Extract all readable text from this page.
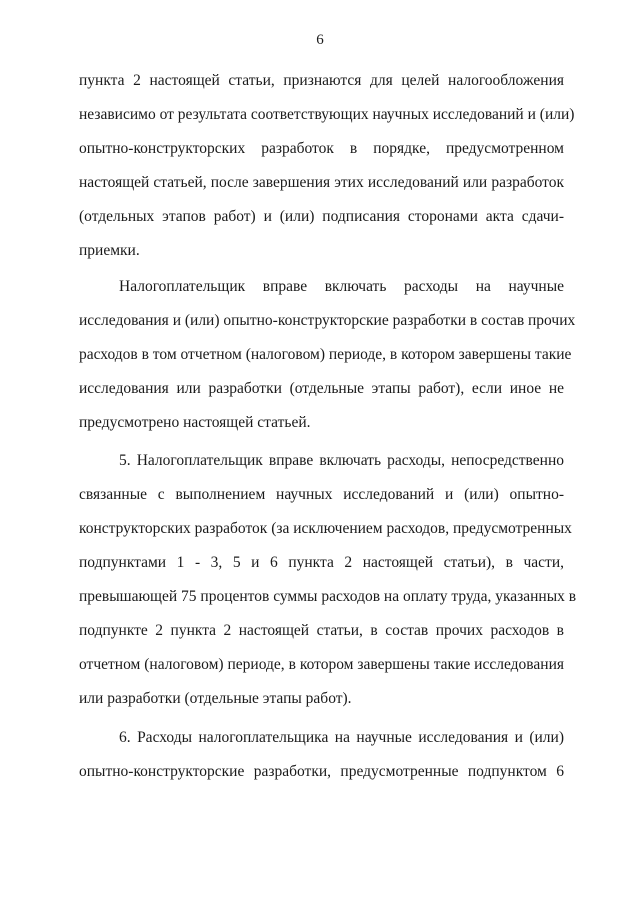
6
пункта 2 настоящей статьи, признаются для целей налогообложения
независимо от результата соответствующих научных исследований и (или)
опытно-конструкторских разработок в порядке, предусмотренном
настоящей статьей, после завершения этих исследований или разработок
(отдельных этапов работ) и (или) подписания сторонами акта сдачи-
приемки.
Налогоплательщик вправе включать расходы на научные
исследования и (или) опытно-конструкторские разработки в состав прочих
расходов в том отчетном (налоговом) периоде, в котором завершены такие
исследования или разработки (отдельные этапы работ), если иное не
предусмотрено настоящей статьей.
5. Налогоплательщик вправе включать расходы, непосредственно
связанные с выполнением научных исследований и (или) опытно-
конструкторских разработок (за исключением расходов, предусмотренных
подпунктами 1 - 3, 5 и 6 пункта 2 настоящей статьи), в части,
превышающей 75 процентов суммы расходов на оплату труда, указанных в
подпункте 2 пункта 2 настоящей статьи, в состав прочих расходов в
отчетном (налоговом) периоде, в котором завершены такие исследования
или разработки (отдельные этапы работ).
6. Расходы налогоплательщика на научные исследования и (или)
опытно-конструкторские разработки, предусмотренные подпунктом 6
